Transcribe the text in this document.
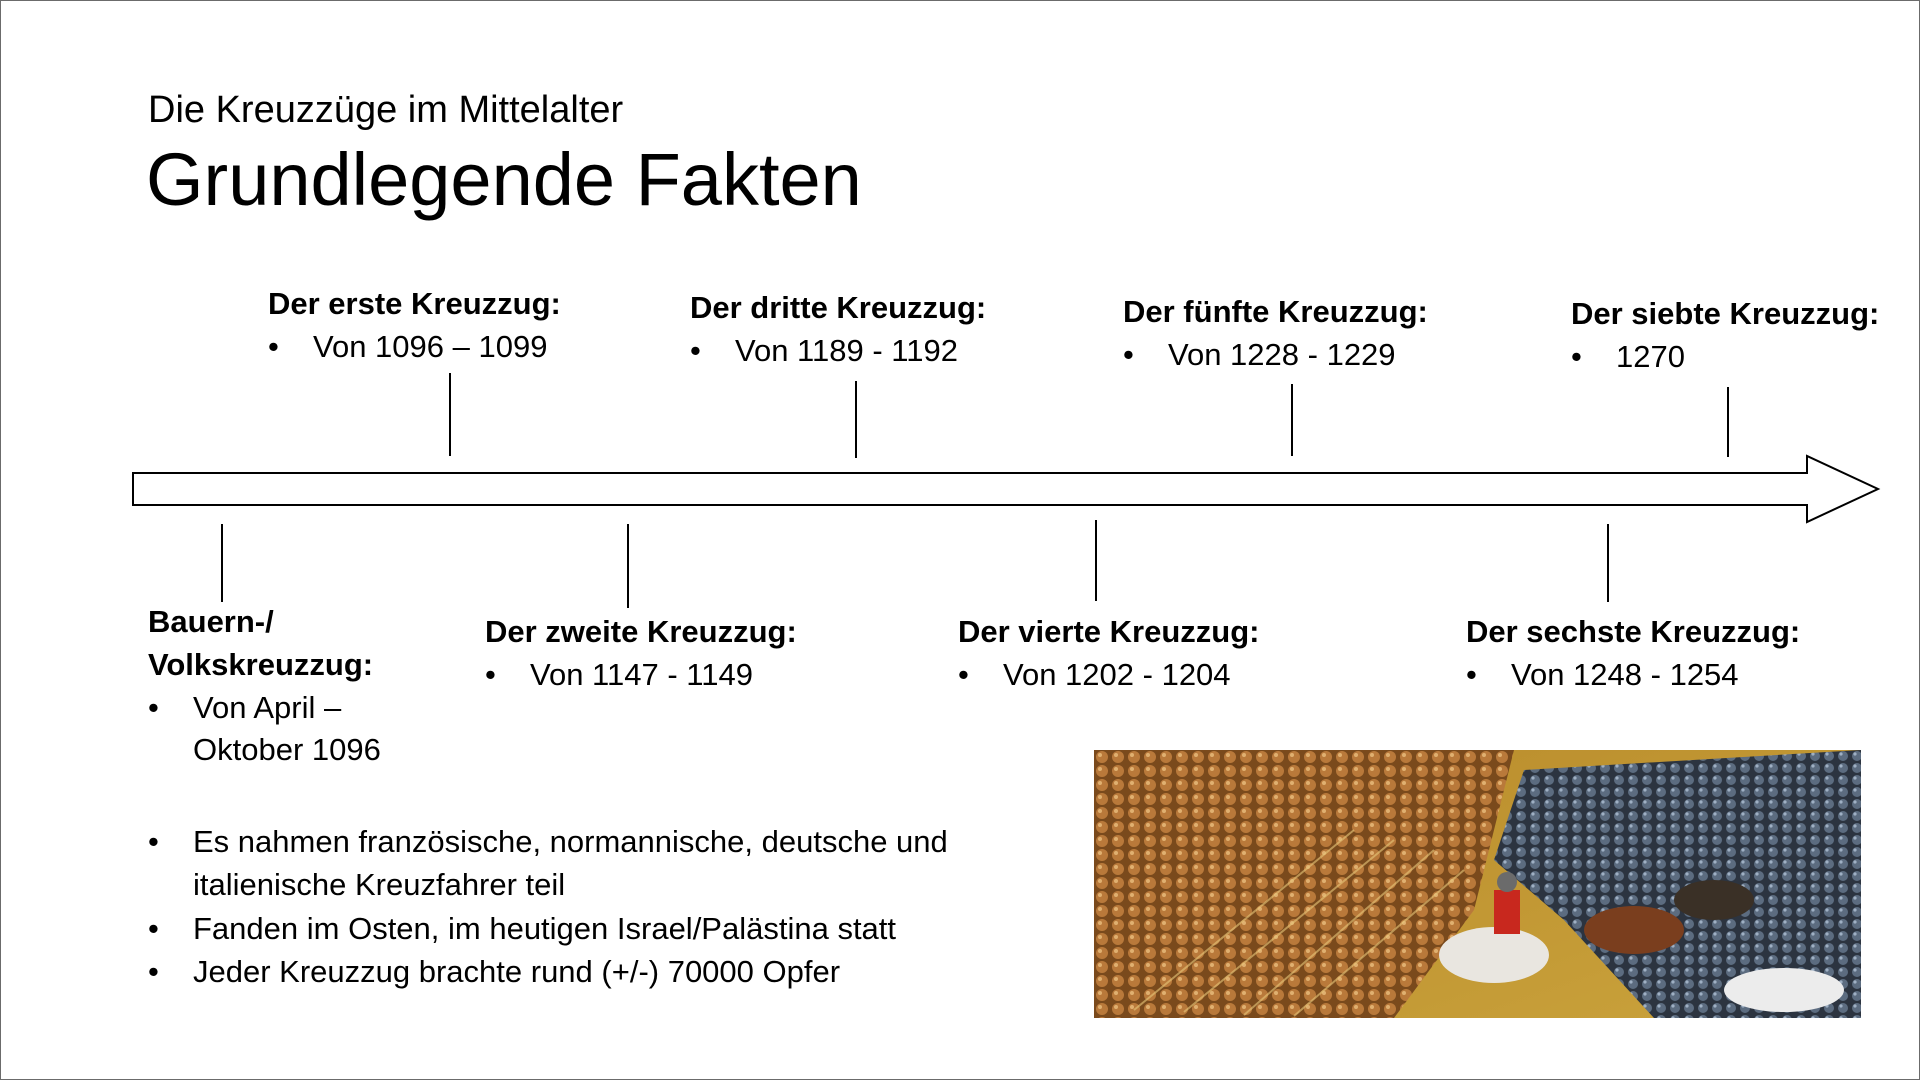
Die Kreuzzüge im Mittelalter
Grundlegende Fakten
Der erste Kreuzzug:
• Von 1096 – 1099
Der dritte Kreuzzug:
• Von 1189 - 1192
Der fünfte Kreuzzug:
• Von 1228 - 1229
Der siebte Kreuzzug:
• 1270
Bauern-/
Volkskreuzzug:
• Von April –
Oktober 1096
Der zweite Kreuzzug:
• Von 1147 - 1149
Der vierte Kreuzzug:
• Von 1202 - 1204
Der sechste Kreuzzug:
• Von 1248 - 1254
• Es nahmen französische, normannische, deutsche und italienische Kreuzfahrer teil
• Fanden im Osten, im heutigen Israel/Palästina statt
• Jeder Kreuzzug brachte rund (+/-) 70000 Opfer
